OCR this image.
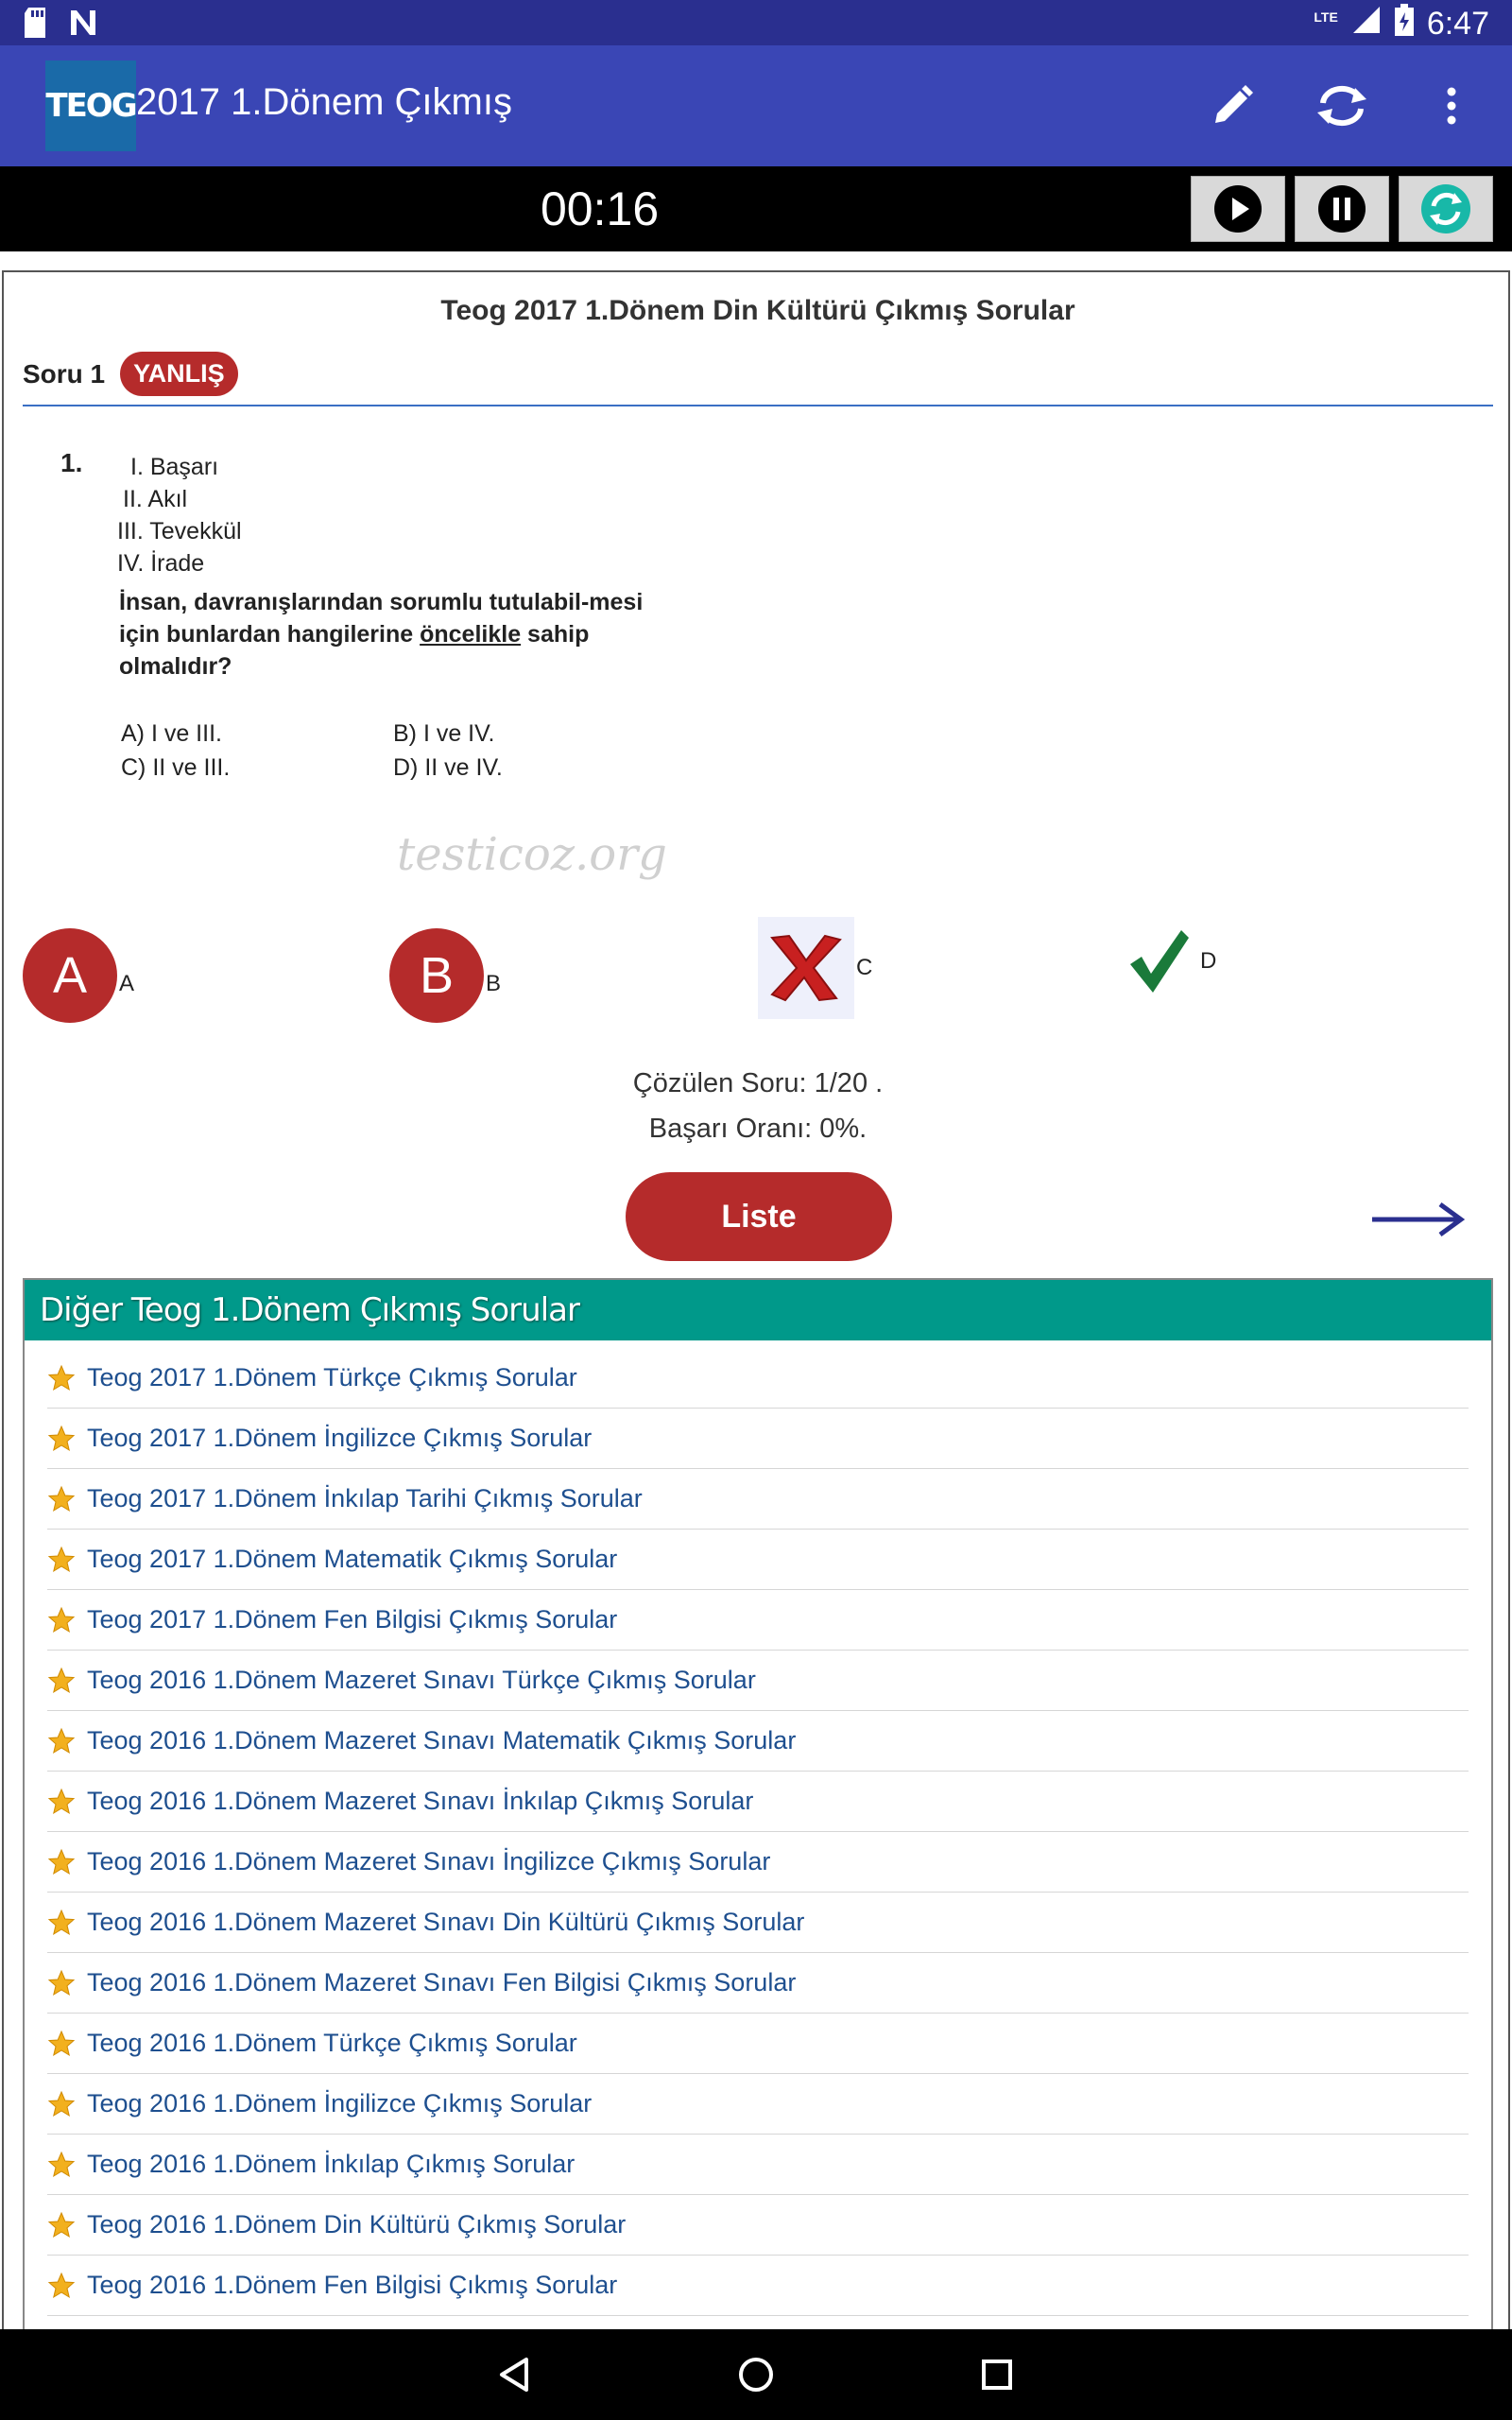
LTE	6:47
TEOG 2017 1.Dönem Çıkmış
00:16
Teog 2017 1.Dönem Din Kültürü Çıkmış Sorular
Soru 1	YANLIŞ
1. I. Başarı
II. Akıl
III. Tevekkül
IV. İrade
İnsan, davranışlarından sorumlu tutulabil-mesi için bunlardan hangilerine öncelikle sahip olmalıdır?
A) I ve III.	B) I ve IV.
C) II ve III.	D) II ve IV.
testicoz.org
A	A	B	B
C	D
Çözülen Soru: 1/20 .
Başarı Oranı: 0%.
Liste
Diğer Teog 1.Dönem Çıkmış Sorular
Teog 2017 1.Dönem Türkçe Çıkmış Sorular
Teog 2017 1.Dönem İngilizce Çıkmış Sorular
Teog 2017 1.Dönem İnkılap Tarihi Çıkmış Sorular
Teog 2017 1.Dönem Matematik Çıkmış Sorular
Teog 2017 1.Dönem Fen Bilgisi Çıkmış Sorular
Teog 2016 1.Dönem Mazeret Sınavı Türkçe Çıkmış Sorular
Teog 2016 1.Dönem Mazeret Sınavı Matematik Çıkmış Sorular
Teog 2016 1.Dönem Mazeret Sınavı İnkılap Çıkmış Sorular
Teog 2016 1.Dönem Mazeret Sınavı İngilizce Çıkmış Sorular
Teog 2016 1.Dönem Mazeret Sınavı Din Kültürü Çıkmış Sorular
Teog 2016 1.Dönem Mazeret Sınavı Fen Bilgisi Çıkmış Sorular
Teog 2016 1.Dönem Türkçe Çıkmış Sorular
Teog 2016 1.Dönem İngilizce Çıkmış Sorular
Teog 2016 1.Dönem İnkılap Çıkmış Sorular
Teog 2016 1.Dönem Din Kültürü Çıkmış Sorular
Teog 2016 1.Dönem Fen Bilgisi Çıkmış Sorular
